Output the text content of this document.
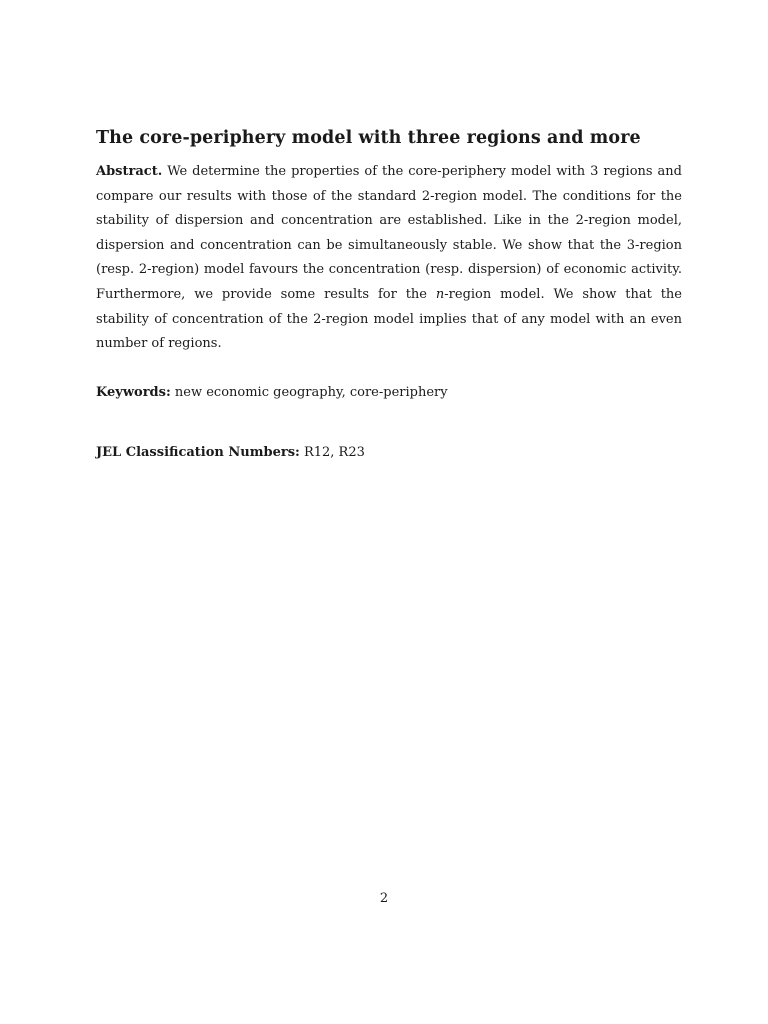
The core-periphery model with three regions and more
Abstract. We determine the properties of the core-periphery model with 3 regions and compare our results with those of the standard 2-region model. The conditions for the stability of dispersion and concentration are established. Like in the 2-region model, dispersion and concentration can be simultaneously stable. We show that the 3-region (resp. 2-region) model favours the concentration (resp. dispersion) of economic activity. Furthermore, we provide some results for the n-region model. We show that the stability of concentration of the 2-region model implies that of any model with an even number of regions.
Keywords: new economic geography, core-periphery
JEL Classification Numbers: R12, R23
2
